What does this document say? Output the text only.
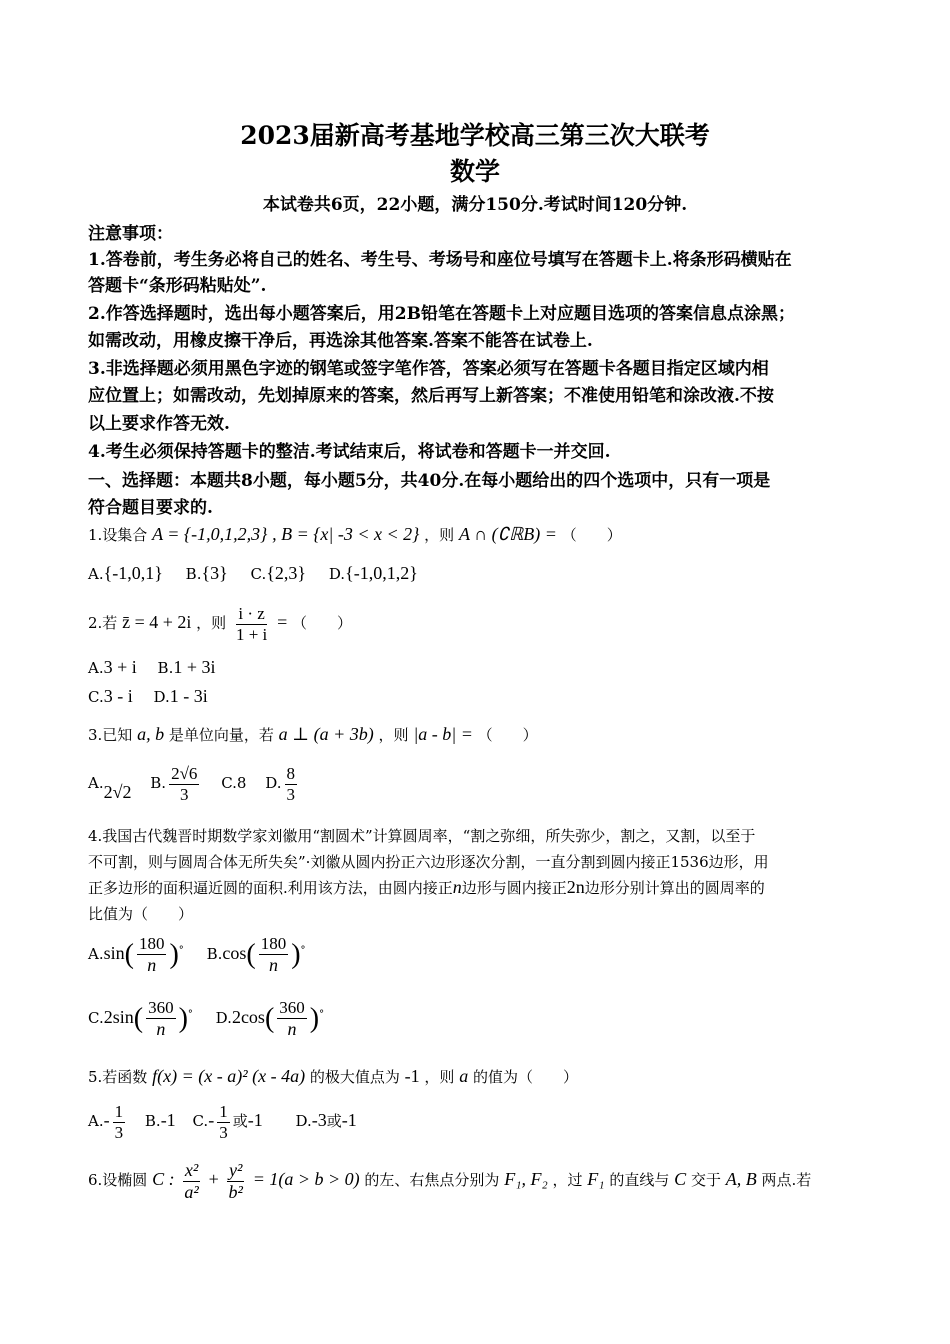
2023届新高考基地学校高三第三次大联考
数学
本试卷共6页，22小题，满分150分.考试时间120分钟.
注意事项：
1.答卷前，考生务必将自己的姓名、考生号、考场号和座位号填写在答题卡上.将条形码横贴在
答题卡“条形码粘贴处”.
2.作答选择题时，选出每小题答案后，用2B铅笔在答题卡上对应题目选项的答案信息点涂黑；
如需改动，用橡皮擦干净后，再选涂其他答案.答案不能答在试卷上.
3.非选择题必须用黑色字迹的钢笔或签字笔作答，答案必须写在答题卡各题目指定区域内相
应位置上；如需改动，先划掉原来的答案，然后再写上新答案；不准使用铅笔和涂改液.不按
以上要求作答无效.
4.考生必须保持答题卡的整洁.考试结束后，将试卷和答题卡一并交回.
一、选择题：本题共8小题，每小题5分，共40分.在每小题给出的四个选项中，只有一项是
符合题目要求的.
1.设集合 A = {-1,0,1,2,3} , B = {x| -3 < x < 2} ，则 A ∩ (∁ℝB) = （　　）
A.{-1,0,1} B.{3} C.{2,3} D.{-1,0,1,2}
2.若 z̄ = 4 + 2i ，则 $\frac{i \cdot z}{1 + i}$ = （　　）
A.3 + i B.1 + 3i
C.3 - i D.1 - 3i
3.已知 a, b 是单位向量，若 a ⊥ (a + 3b) ，则 |a - b| = （　　）
A.2√2 B. $\frac{2√6}{3} C.8$ D. $\frac{8}{3}$
4.我国古代魏晋时期数学家刘徽用“割圆术”计算圆周率，“割之弥细，所失弥少，割之，又割，以至于
不可割，则与圆周合体无所失矣”·刘徽从圆内扮正六边形逐次分割，一直分割到圆内接正1536边形，用
正多边形的面积逼近圆的面积.利用该方法，由圆内接正n边形与圆内接正2n边形分别计算出的圆周率的
比值为（　　）
$A.\sin( \frac{180}{n} )^\circ$ $B.\cos( \frac{180}{n} )^\circ$
$C.2\sin( \frac{360}{n} )^\circ$ $D.2\cos( \frac{360}{n} )^\circ$
5.若函数 f(x) = (x - a)² (x - 4a) 的极大值点为 -1 ，则 a 的值为（　　）
$A.- \frac{1}{3} B.-1$ $C.- \frac{1}{3}$ 或-1 D.-3或-1
6.设椭圆 C : $\frac{\text{x²}}{\text{a²}} + \frac{\text{y²}}{\text{b²}} = 1(a > b > 0)$ 的左、右焦点分别为 F₁, F₂ ，过 F₁ 的直线与 C 交于 A, B 两点.若
